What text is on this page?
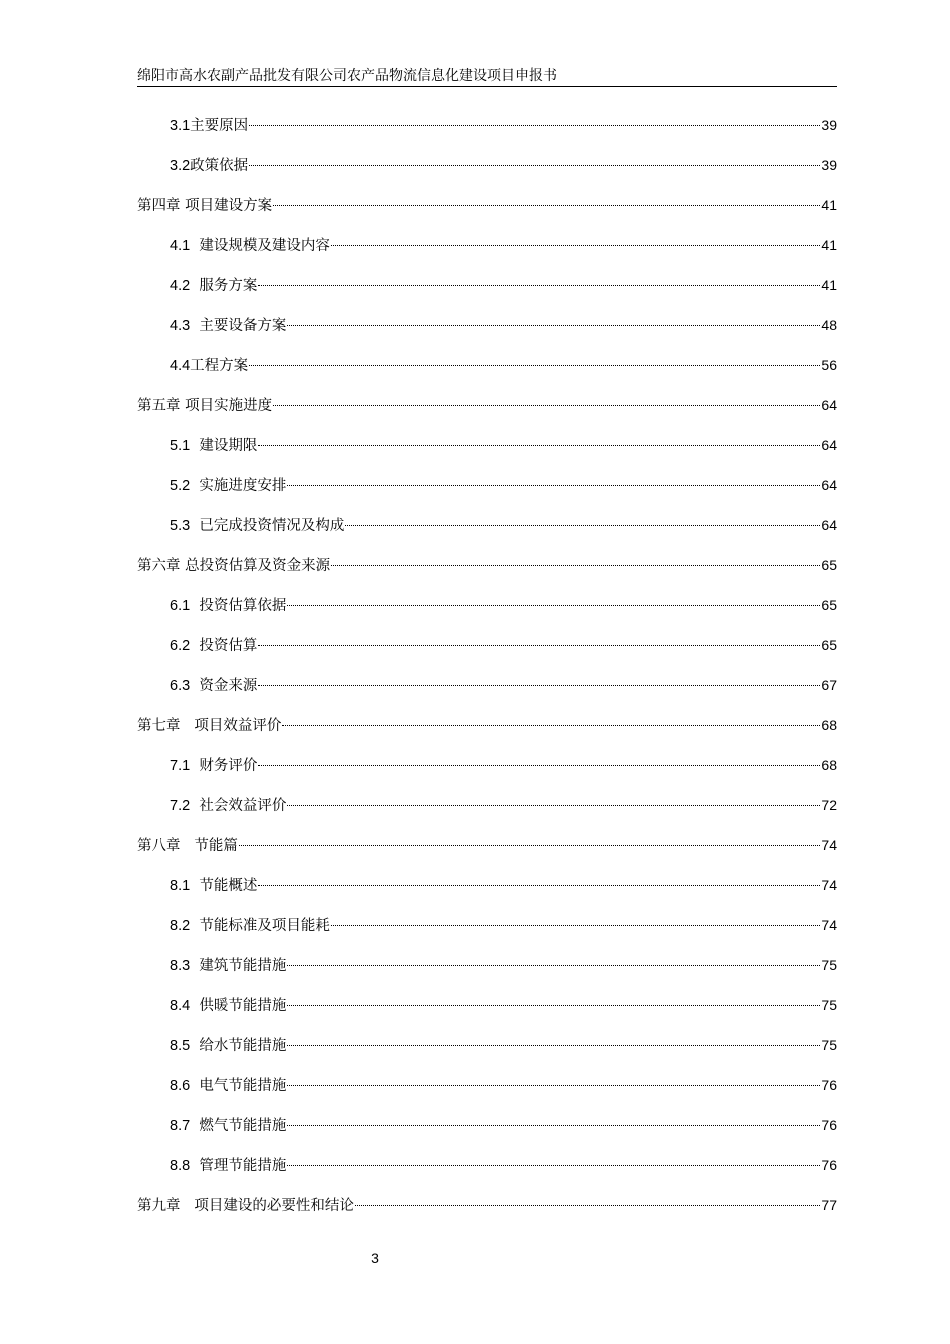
绵阳市高水农副产品批发有限公司农产品物流信息化建设项目申报书
3.1主要原因	39
3.2政策依据	39
第四章 项目建设方案	41
4.1 建设规模及建设内容	41
4.2 服务方案	41
4.3 主要设备方案	48
4.4工程方案	56
第五章 项目实施进度	64
5.1 建设期限	64
5.2 实施进度安排	64
5.3 已完成投资情况及构成	64
第六章 总投资估算及资金来源	65
6.1 投资估算依据	65
6.2 投资估算	65
6.3 资金来源	67
第七章 项目效益评价	68
7.1 财务评价	68
7.2 社会效益评价	72
第八章 节能篇	74
8.1 节能概述	74
8.2 节能标准及项目能耗	74
8.3 建筑节能措施	75
8.4 供暖节能措施	75
8.5 给水节能措施	75
8.6 电气节能措施	76
8.7 燃气节能措施	76
8.8 管理节能措施	76
第九章 项目建设的必要性和结论	77
3
